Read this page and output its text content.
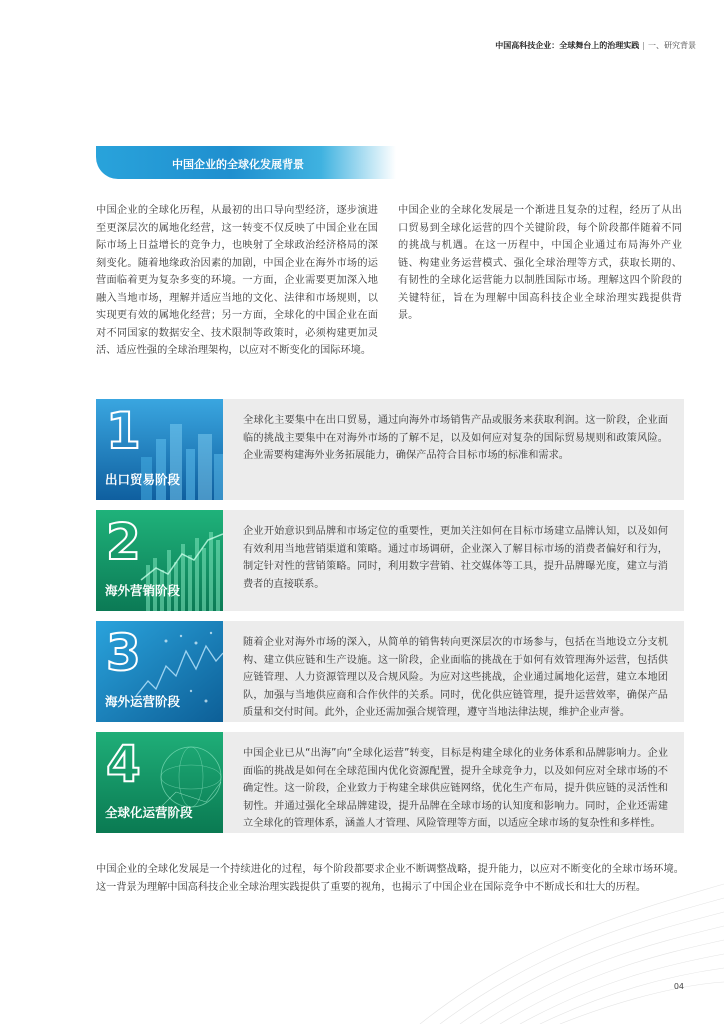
中国高科技企业：全球舞台上的治理实践 | 一、研究背景
中国企业的全球化发展背景

中国企业的全球化历程，从最初的出口导向型经济，逐步演进至更深层次的属地化经营，这一转变不仅反映了中国企业在国际市场上日益增长的竞争力，也映射了全球政治经济格局的深刻变化。随着地缘政治因素的加剧，中国企业在海外市场的运营面临着更为复杂多变的环境。一方面，企业需要更加深入地融入当地市场，理解并适应当地的文化、法律和市场规则，以实现更有效的属地化经营；另一方面，全球化的中国企业在面对不同国家的数据安全、技术限制等政策时，必须构建更加灵活、适应性强的全球治理架构，以应对不断变化的国际环境。

中国企业的全球化发展是一个渐进且复杂的过程，经历了从出口贸易到全球化运营的四个关键阶段，每个阶段都伴随着不同的挑战与机遇。在这一历程中，中国企业通过布局海外产业链、构建业务运营模式、强化全球治理等方式，获取长期的、有韧性的全球化运营能力以制胜国际市场。理解这四个阶段的关键特征，旨在为理解中国高科技企业全球治理实践提供背景。

1
出口贸易阶段

全球化主要集中在出口贸易，通过向海外市场销售产品或服务来获取利润。这一阶段，企业面临的挑战主要集中在对海外市场的了解不足，以及如何应对复杂的国际贸易规则和政策风险。企业需要构建海外业务拓展能力，确保产品符合目标市场的标准和需求。

2
海外营销阶段

企业开始意识到品牌和市场定位的重要性，更加关注如何在目标市场建立品牌认知，以及如何有效利用当地营销渠道和策略。通过市场调研，企业深入了解目标市场的消费者偏好和行为，制定针对性的营销策略。同时，利用数字营销、社交媒体等工具，提升品牌曝光度，建立与消费者的直接联系。

3
海外运营阶段

随着企业对海外市场的深入，从简单的销售转向更深层次的市场参与，包括在当地设立分支机构、建立供应链和生产设施。这一阶段，企业面临的挑战在于如何有效管理海外运营，包括供应链管理、人力资源管理以及合规风险。为应对这些挑战，企业通过属地化运营，建立本地团队，加强与当地供应商和合作伙伴的关系。同时，优化供应链管理，提升运营效率，确保产品质量和交付时间。此外，企业还需加强合规管理，遵守当地法律法规，维护企业声誉。

4
全球化运营阶段

中国企业已从“出海”向“全球化运营”转变，目标是构建全球化的业务体系和品牌影响力。企业面临的挑战是如何在全球范围内优化资源配置，提升全球竞争力，以及如何应对全球市场的不确定性。这一阶段，企业致力于构建全球供应链网络，优化生产布局，提升供应链的灵活性和韧性。并通过强化全球品牌建设，提升品牌在全球市场的认知度和影响力。同时，企业还需建立全球化的管理体系，涵盖人才管理、风险管理等方面，以适应全球市场的复杂性和多样性。

中国企业的全球化发展是一个持续进化的过程，每个阶段都要求企业不断调整战略，提升能力，以应对不断变化的全球市场环境。这一背景为理解中国高科技企业全球治理实践提供了重要的视角，也揭示了中国企业在国际竞争中不断成长和壮大的历程。

04
